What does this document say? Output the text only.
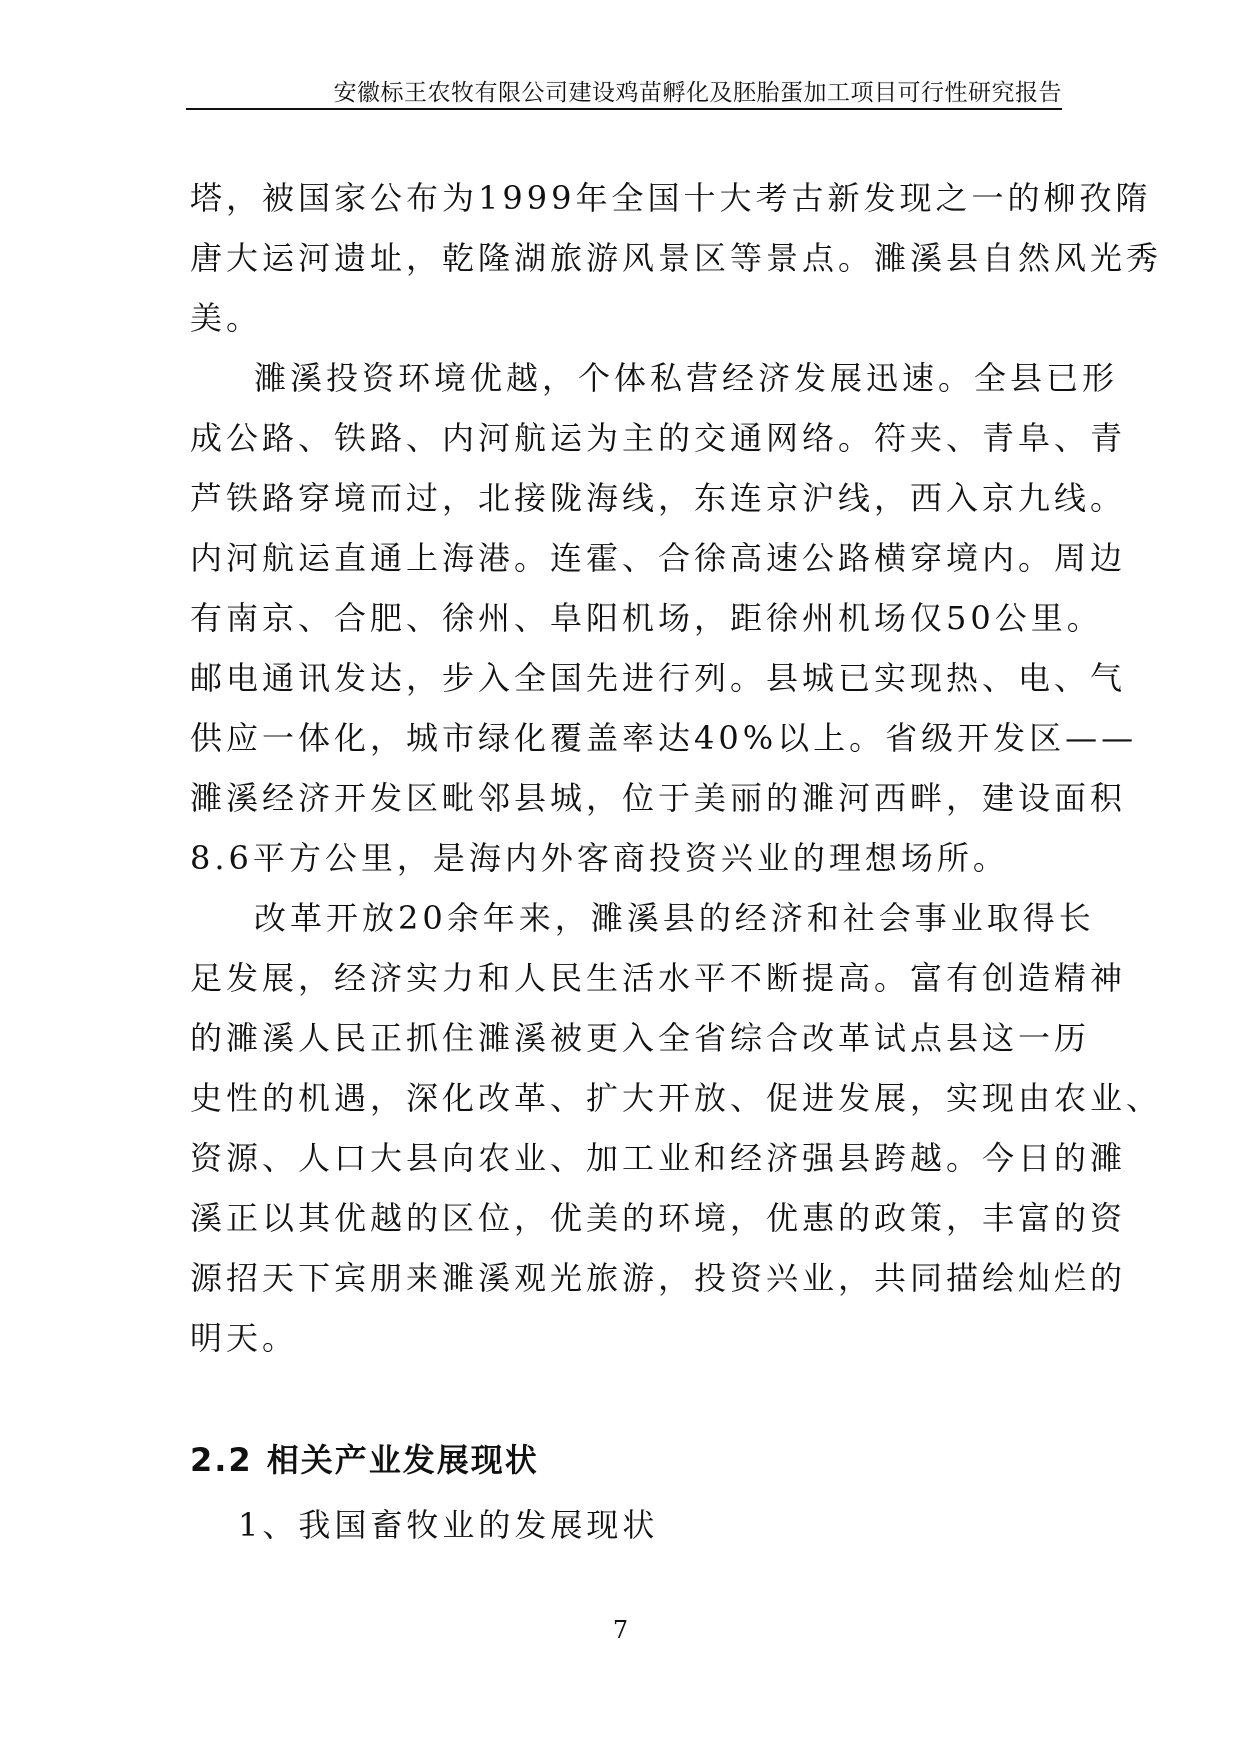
安徽标王农牧有限公司建设鸡苗孵化及胚胎蛋加工项目可行性研究报告
塔，被国家公布为1999年全国十大考古新发现之一的柳孜隋
唐大运河遗址，乾隆湖旅游风景区等景点。濉溪县自然风光秀
美。
濉溪投资环境优越，个体私营经济发展迅速。全县已形
成公路、铁路、内河航运为主的交通网络。符夹、青阜、青
芦铁路穿境而过，北接陇海线，东连京沪线，西入京九线。
内河航运直通上海港。连霍、合徐高速公路横穿境内。周边
有南京、合肥、徐州、阜阳机场，距徐州机场仅50公里。
邮电通讯发达，步入全国先进行列。县城已实现热、电、气
供应一体化，城市绿化覆盖率达40%以上。省级开发区——
濉溪经济开发区毗邻县城，位于美丽的濉河西畔，建设面积
8.6平方公里，是海内外客商投资兴业的理想场所。
改革开放20余年来，濉溪县的经济和社会事业取得长
足发展，经济实力和人民生活水平不断提高。富有创造精神
的濉溪人民正抓住濉溪被更入全省综合改革试点县这一历
史性的机遇，深化改革、扩大开放、促进发展，实现由农业、
资源、人口大县向农业、加工业和经济强县跨越。今日的濉
溪正以其优越的区位，优美的环境，优惠的政策，丰富的资
源招天下宾朋来濉溪观光旅游，投资兴业，共同描绘灿烂的
明天。
2.2 相关产业发展现状
1、我国畜牧业的发展现状
7
